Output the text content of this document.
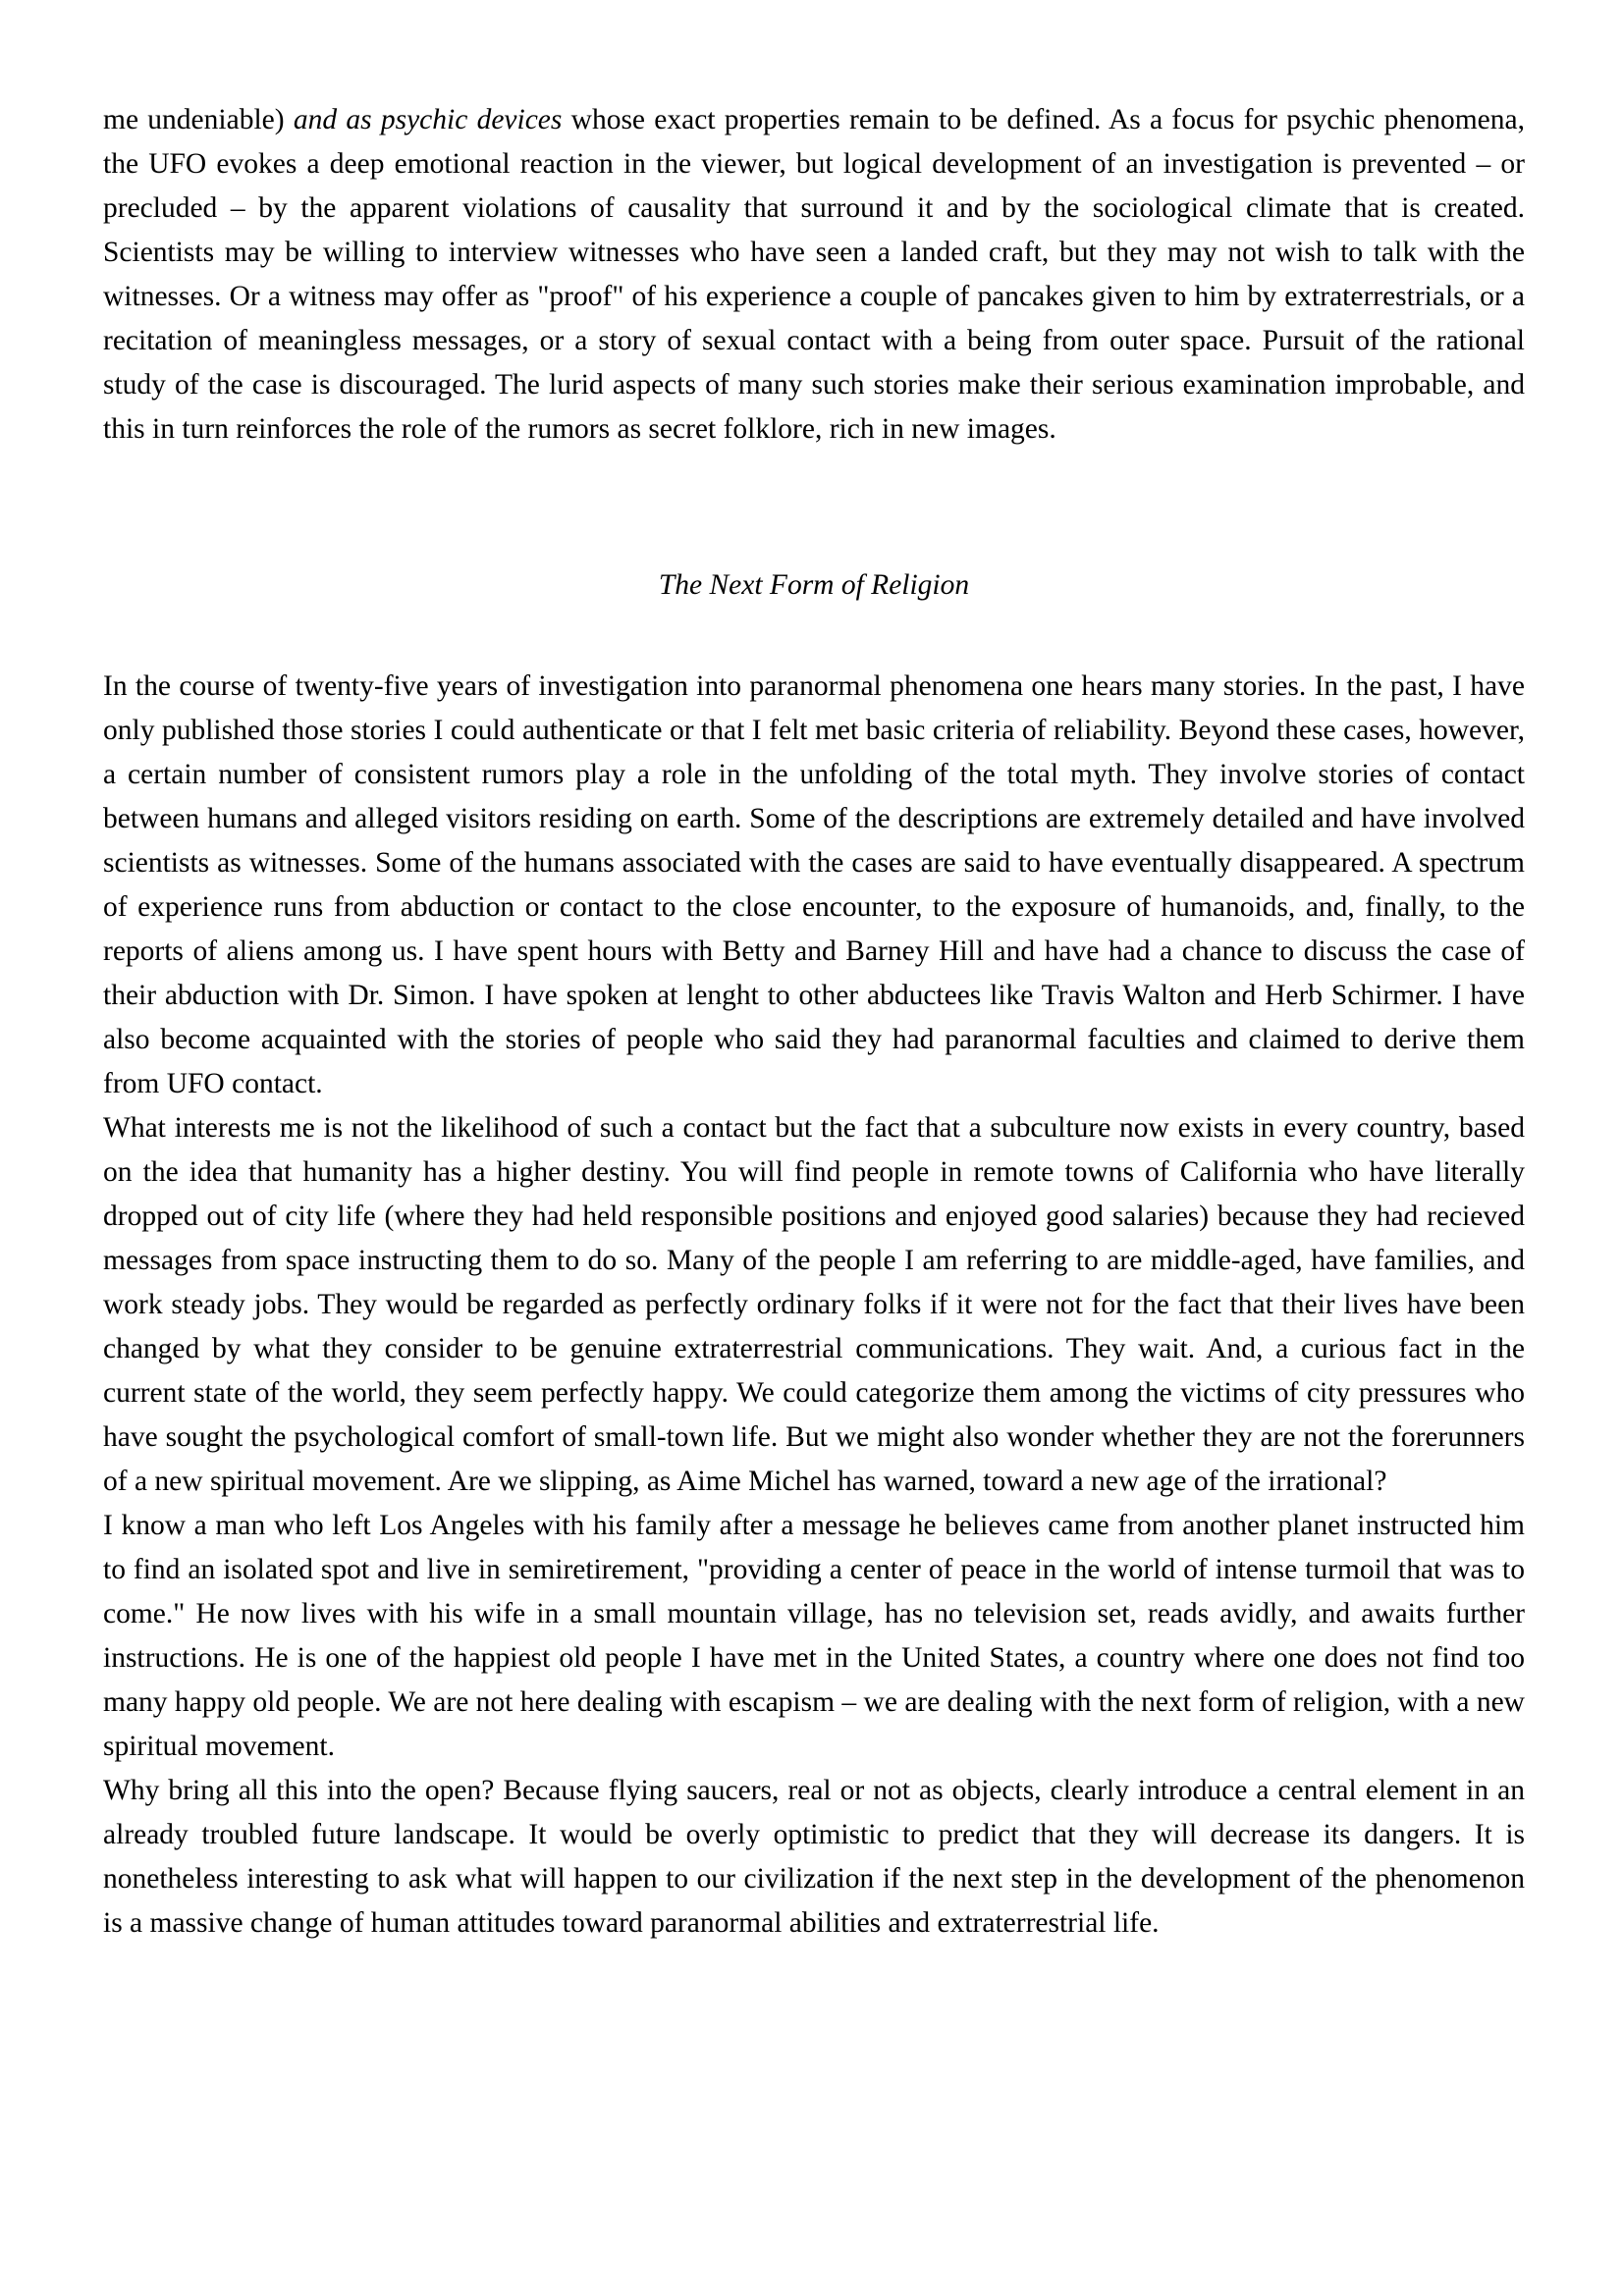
me undeniable) and as psychic devices whose exact properties remain to be defined. As a focus for psychic phenomena, the UFO evokes a deep emotional reaction in the viewer, but logical development of an investigation is prevented – or precluded – by the apparent violations of causality that surround it and by the sociological climate that is created. Scientists may be willing to interview witnesses who have seen a landed craft, but they may not wish to talk with the witnesses. Or a witness may offer as "proof" of his experience a couple of pancakes given to him by extraterrestrials, or a recitation of meaningless messages, or a story of sexual contact with a being from outer space. Pursuit of the rational study of the case is discouraged. The lurid aspects of many such stories make their serious examination improbable, and this in turn reinforces the role of the rumors as secret folklore, rich in new images.

The Next Form of Religion

In the course of twenty-five years of investigation into paranormal phenomena one hears many stories. In the past, I have only published those stories I could authenticate or that I felt met basic criteria of reliability. Beyond these cases, however, a certain number of consistent rumors play a role in the unfolding of the total myth. They involve stories of contact between humans and alleged visitors residing on earth. Some of the descriptions are extremely detailed and have involved scientists as witnesses. Some of the humans associated with the cases are said to have eventually disappeared. A spectrum of experience runs from abduction or contact to the close encounter, to the exposure of humanoids, and, finally, to the reports of aliens among us. I have spent hours with Betty and Barney Hill and have had a chance to discuss the case of their abduction with Dr. Simon. I have spoken at lenght to other abductees like Travis Walton and Herb Schirmer. I have also become acquainted with the stories of people who said they had paranormal faculties and claimed to derive them from UFO contact.

What interests me is not the likelihood of such a contact but the fact that a subculture now exists in every country, based on the idea that humanity has a higher destiny. You will find people in remote towns of California who have literally dropped out of city life (where they had held responsible positions and enjoyed good salaries) because they had recieved messages from space instructing them to do so. Many of the people I am referring to are middle-aged, have families, and work steady jobs. They would be regarded as perfectly ordinary folks if it were not for the fact that their lives have been changed by what they consider to be genuine extraterrestrial communications. They wait. And, a curious fact in the current state of the world, they seem perfectly happy. We could categorize them among the victims of city pressures who have sought the psychological comfort of small-town life. But we might also wonder whether they are not the forerunners of a new spiritual movement. Are we slipping, as Aime Michel has warned, toward a new age of the irrational?

I know a man who left Los Angeles with his family after a message he believes came from another planet instructed him to find an isolated spot and live in semiretirement, "providing a center of peace in the world of intense turmoil that was to come." He now lives with his wife in a small mountain village, has no television set, reads avidly, and awaits further instructions. He is one of the happiest old people I have met in the United States, a country where one does not find too many happy old people. We are not here dealing with escapism – we are dealing with the next form of religion, with a new spiritual movement.

Why bring all this into the open? Because flying saucers, real or not as objects, clearly introduce a central element in an already troubled future landscape. It would be overly optimistic to predict that they will decrease its dangers. It is nonetheless interesting to ask what will happen to our civilization if the next step in the development of the phenomenon is a massive change of human attitudes toward paranormal abilities and extraterrestrial life.
